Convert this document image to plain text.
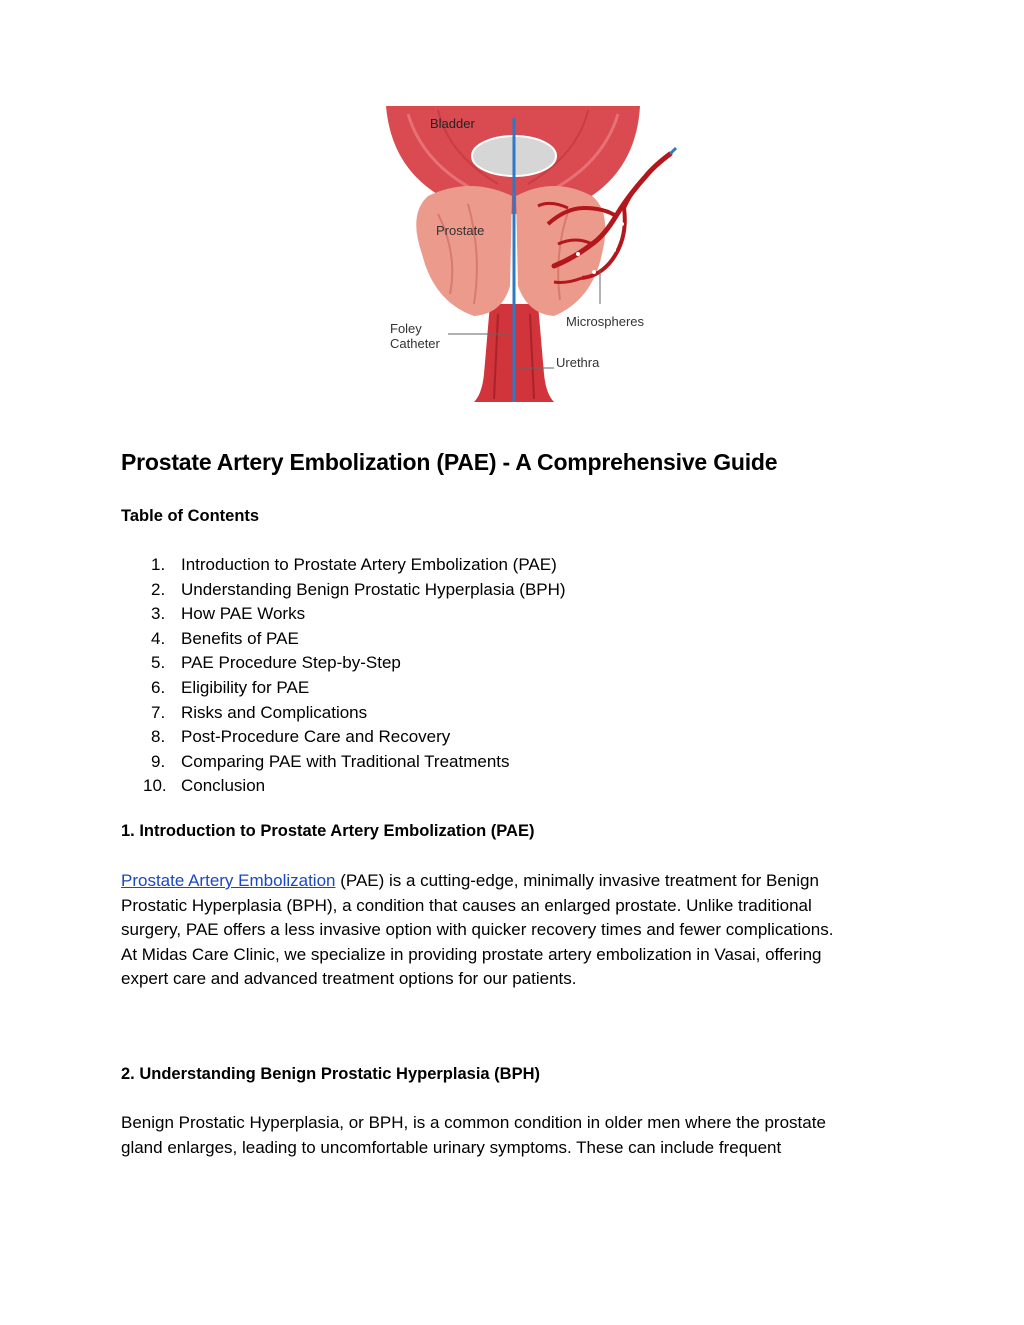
Bladder
Prostate
Microspheres
Foley
Catheter
Urethra
Prostate Artery Embolization (PAE) - A Comprehensive Guide
Table of Contents
1. Introduction to Prostate Artery Embolization (PAE)
2. Understanding Benign Prostatic Hyperplasia (BPH)
3. How PAE Works
4. Benefits of PAE
5. PAE Procedure Step-by-Step
6. Eligibility for PAE
7. Risks and Complications
8. Post-Procedure Care and Recovery
9. Comparing PAE with Traditional Treatments
10. Conclusion
1. Introduction to Prostate Artery Embolization (PAE)

Prostate Artery Embolization (PAE) is a cutting-edge, minimally invasive treatment for Benign
Prostatic Hyperplasia (BPH), a condition that causes an enlarged prostate. Unlike traditional
surgery, PAE offers a less invasive option with quicker recovery times and fewer complications.
At Midas Care Clinic, we specialize in providing prostate artery embolization in Vasai, offering
expert care and advanced treatment options for our patients.

2. Understanding Benign Prostatic Hyperplasia (BPH)

Benign Prostatic Hyperplasia, or BPH, is a common condition in older men where the prostate
gland enlarges, leading to uncomfortable urinary symptoms. These can include frequent
